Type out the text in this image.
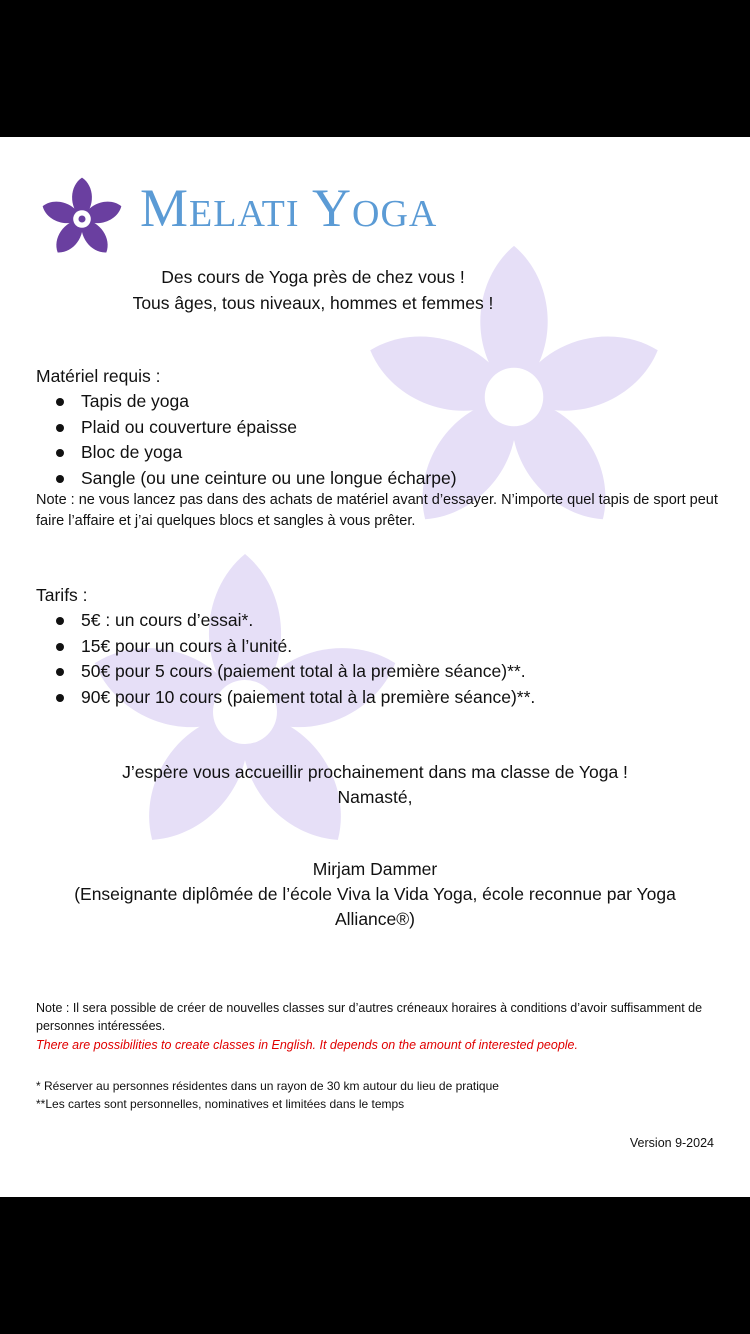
Melati Yoga
Des cours de Yoga près de chez vous !
Tous âges, tous niveaux, hommes et femmes !
Matériel requis :
Tapis de yoga
Plaid ou couverture épaisse
Bloc de yoga
Sangle (ou une ceinture ou une longue écharpe)
Note : ne vous lancez pas dans des achats de matériel avant d’essayer. N’importe quel tapis de sport peut faire l’affaire et j’ai quelques blocs et sangles à vous prêter.
Tarifs :
5€ : un cours d’essai*.
15€ pour un cours à l’unité.
50€ pour 5 cours (paiement total à la première séance)**.
90€ pour 10 cours (paiement total à la première séance)**.
J’espère vous accueillir prochainement dans ma classe de Yoga !
Namasté,
Mirjam Dammer
(Enseignante diplômée de l’école Viva la Vida Yoga, école reconnue par Yoga Alliance®)
Note : Il sera possible de créer de nouvelles classes sur d’autres créneaux horaires à conditions d’avoir suffisamment de personnes intéressées.
There are possibilities to create classes in English. It depends on the amount of interested people.
* Réserver au personnes résidentes dans un rayon de 30 km autour du lieu de pratique
**Les cartes sont personnelles, nominatives et limitées dans le temps
Version 9-2024
